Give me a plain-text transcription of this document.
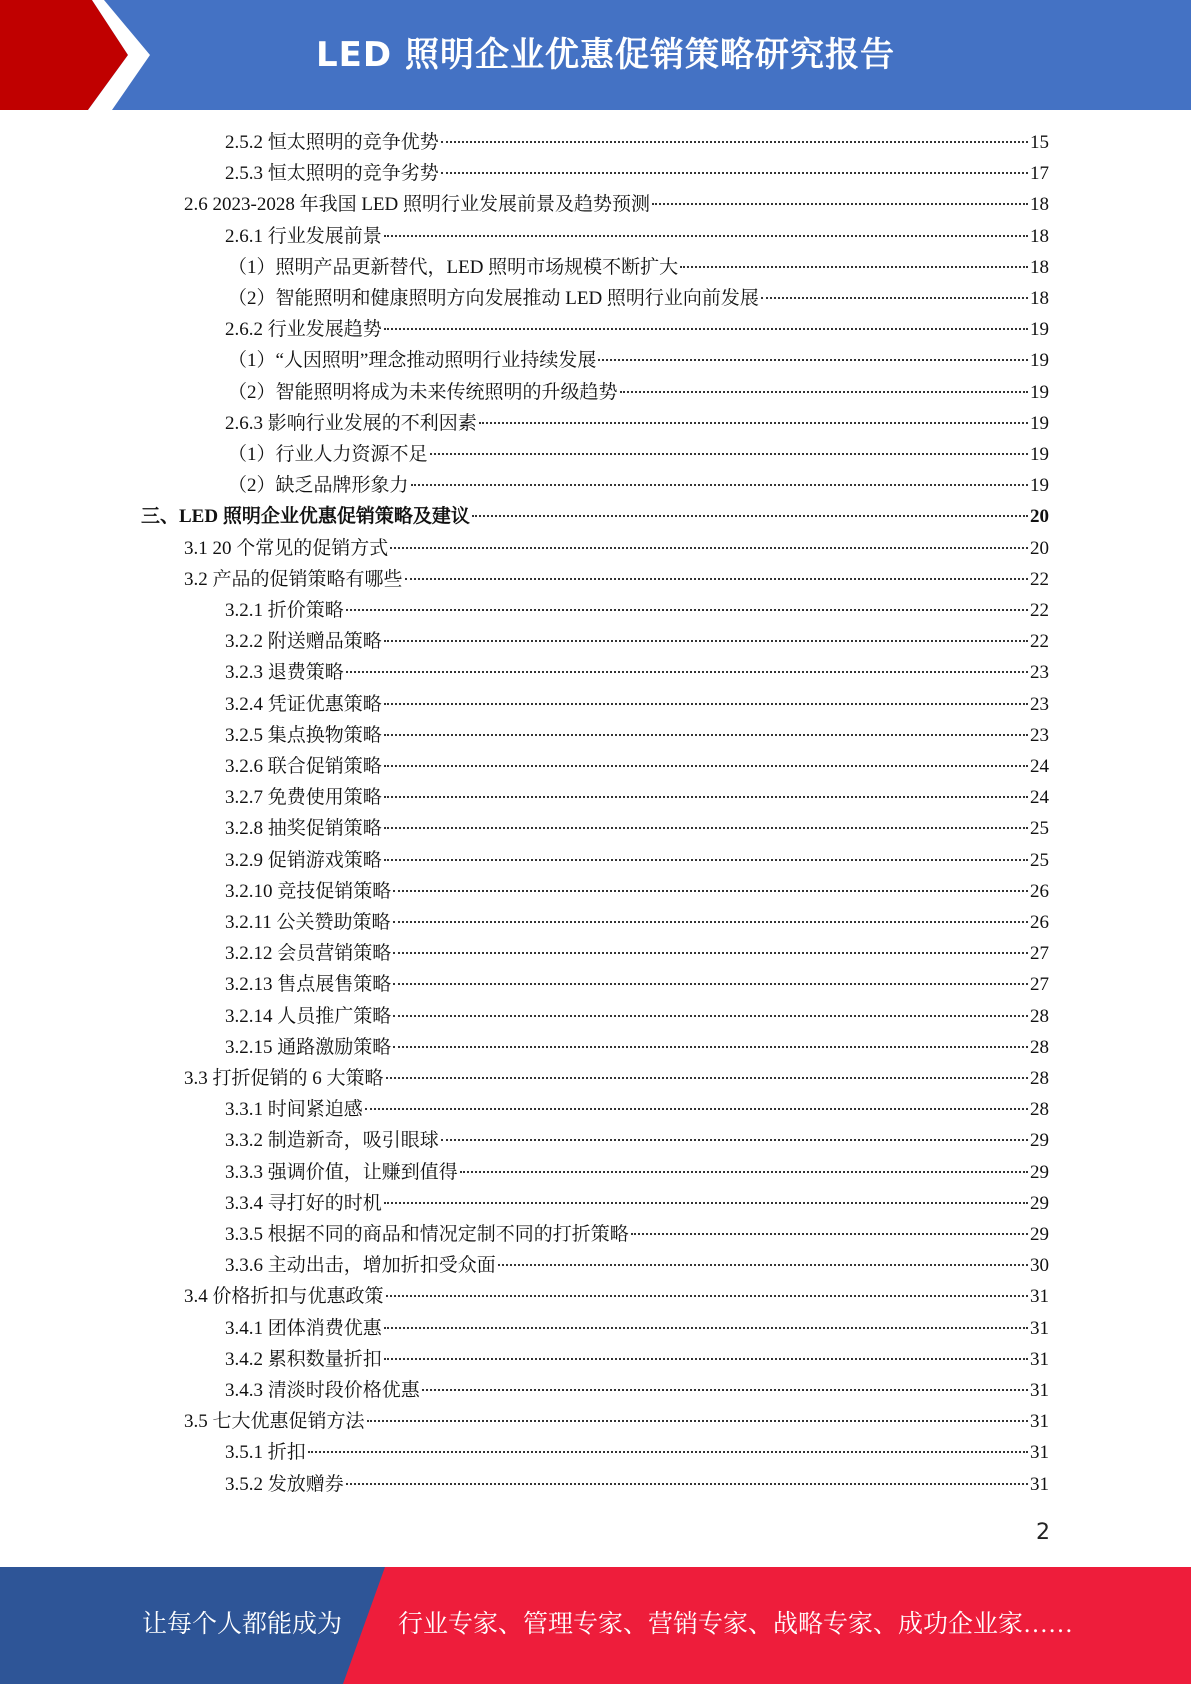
LED 照明企业优惠促销策略研究报告
2.5.2 恒太照明的竞争优势	15
2.5.3 恒太照明的竞争劣势	17
2.6 2023-2028 年我国 LED 照明行业发展前景及趋势预测	18
2.6.1 行业发展前景	18
（1）照明产品更新替代，LED 照明市场规模不断扩大	18
（2）智能照明和健康照明方向发展推动 LED 照明行业向前发展	18
2.6.2 行业发展趋势	19
（1）“人因照明”理念推动照明行业持续发展	19
（2）智能照明将成为未来传统照明的升级趋势	19
2.6.3 影响行业发展的不利因素	19
（1）行业人力资源不足	19
（2）缺乏品牌形象力	19
三、LED 照明企业优惠促销策略及建议	20
3.1 20 个常见的促销方式	20
3.2 产品的促销策略有哪些	22
3.2.1 折价策略	22
3.2.2 附送赠品策略	22
3.2.3 退费策略	23
3.2.4 凭证优惠策略	23
3.2.5 集点换物策略	23
3.2.6 联合促销策略	24
3.2.7 免费使用策略	24
3.2.8 抽奖促销策略	25
3.2.9 促销游戏策略	25
3.2.10 竞技促销策略	26
3.2.11 公关赞助策略	26
3.2.12 会员营销策略	27
3.2.13 售点展售策略	27
3.2.14 人员推广策略	28
3.2.15 通路激励策略	28
3.3 打折促销的 6 大策略	28
3.3.1 时间紧迫感	28
3.3.2 制造新奇，吸引眼球	29
3.3.3 强调价值，让赚到值得	29
3.3.4 寻打好的时机	29
3.3.5 根据不同的商品和情况定制不同的打折策略	29
3.3.6 主动出击，增加折扣受众面	30
3.4 价格折扣与优惠政策	31
3.4.1 团体消费优惠	31
3.4.2 累积数量折扣	31
3.4.3 清淡时段价格优惠	31
3.5 七大优惠促销方法	31
3.5.1 折扣	31
3.5.2 发放赠券	31
2
让每个人都能成为 行业专家、管理专家、营销专家、战略专家、成功企业家……
